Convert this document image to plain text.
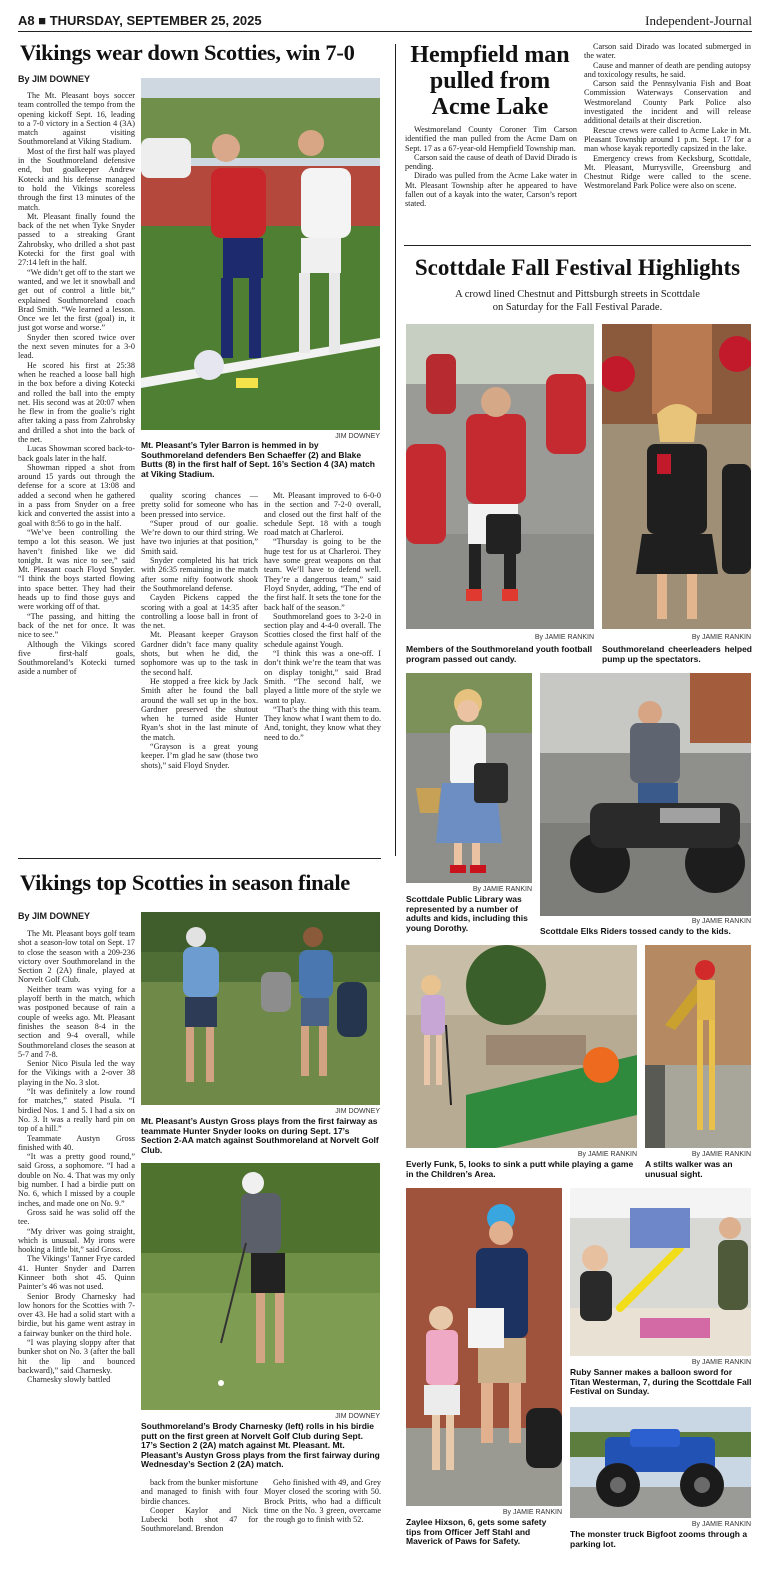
A8 ■ THURSDAY, SEPTEMBER 25, 2025	Independent-Journal
Vikings wear down Scotties, win 7-0
By JIM DOWNEY

The Mt. Pleasant boys soccer team controlled the tempo from the opening kickoff Sept. 16, leading to a 7-0 victory in a Section 4 (3A) match against visiting Southmoreland at Viking Stadium.

Most of the first half was played in the Southmoreland defensive end, but goalkeeper Andrew Kotecki and his defense managed to hold the Vikings scoreless through the first 13 minutes of the match.

Mt. Pleasant finally found the back of the net when Tyke Snyder passed to a streaking Grant Zahrobsky, who drilled a shot past Kotecki for the first goal with 27:14 left in the half.

“We didn’t get off to the start we wanted, and we let it snowball and get out of control a little bit,” explained Southmoreland coach Brad Smith. “We learned a lesson. Once we let the first (goal) in, it just got worse and worse.”

Snyder then scored twice over the next seven minutes for a 3-0 lead.

He scored his first at 25:38 when he reached a loose ball high in the box before a diving Kotecki and rolled the ball into the empty net. His second was at 20:07 when he flew in from the goalie’s right after taking a pass from Zahrobsky and drilled a shot into the back of the net.

Lucas Showman scored back-to-back goals later in the half.

Showman ripped a shot from around 15 yards out through the defense for a score at 13:08 and added a second when he gathered in a pass from Snyder on a free kick and converted the assist into a goal with 8:56 to go in the half.

“We’ve been controlling the tempo a lot this season. We just haven’t finished like we did tonight. It was nice to see,” said Mt. Pleasant coach Floyd Snyder. “I think the boys started flowing into space better. They had their heads up to find those guys and were working off of that.

“The passing, and hitting the back of the net for once. It was nice to see.”

Although the Vikings scored five first-half goals, Southmoreland’s Kotecki turned aside a number of

JIM DOWNEY
Mt. Pleasant’s Tyler Barron is hemmed in by Southmoreland defenders Ben Schaeffer (2) and Blake Butts (8) in the first half of Sept. 16’s Section 4 (3A) match at Viking Stadium.

quality scoring chances — pretty solid for someone who has been pressed into service.

“Super proud of our goalie. We’re down to our third string. We have two injuries at that position,” Smith said.

Snyder completed his hat trick with 26:35 remaining in the match after some nifty footwork shook the Southmoreland defense.

Cayden Pickens capped the scoring with a goal at 14:35 after controlling a loose ball in front of the net.

Mt. Pleasant keeper Grayson Gardner didn’t face many quality shots, but when he did, the sophomore was up to the task in the second half.

He stopped a free kick by Jack Smith after he found the ball around the wall set up in the box. Gardner preserved the shutout when he turned aside Hunter Ryan’s shot in the last minute of the match.

“Grayson is a great young keeper. I’m glad he saw (those two shots),” said Floyd Snyder.

Mt. Pleasant improved to 6-0-0 in the section and 7-2-0 overall, and closed out the first half of the schedule Sept. 18 with a tough road match at Charleroi.

“Thursday is going to be the huge test for us at Charleroi. They have some great weapons on that team. We’ll have to defend well. They’re a dangerous team,” said Floyd Snyder, adding, “The end of the first half. It sets the tone for the back half of the season.”

Southmoreland goes to 3-2-0 in section play and 4-4-0 overall. The Scotties closed the first half of the schedule against Yough.

“I think this was a one-off. I don’t think we’re the team that was on display tonight,” said Brad Smith. “The second half, we played a little more of the style we want to play.

“That’s the thing with this team. They know what I want them to do. And, tonight, they know what they need to do.”

Vikings top Scotties in season finale
By JIM DOWNEY

The Mt. Pleasant boys golf team shot a season-low total on Sept. 17 to close the season with a 209-236 victory over Southmoreland in the Section 2 (2A) finale, played at Norvelt Golf Club.

Neither team was vying for a playoff berth in the match, which was postponed because of rain a couple of weeks ago. Mt. Pleasant finishes the season 8-4 in the section and 9-4 overall, while Southmoreland closes the season at 5-7 and 7-8.

Senior Nico Pisula led the way for the Vikings with a 2-over 38 playing in the No. 3 slot.

“It was definitely a low round for matches,” stated Pisula. “I birdied Nos. 1 and 5. I had a six on No. 3. It was a really hard pin on top of a hill.”

Teammate Austyn Gross finished with 40.

“It was a pretty good round,” said Gross, a sophomore. “I had a double on No. 4. That was my only big number. I had a birdie putt on No. 6, which I missed by a couple inches, and made one on No. 9.”

Gross said he was solid off the tee.

“My driver was going straight, which is unusual. My irons were hooking a little bit,” said Gross.

The Vikings’ Tanner Frye carded 41. Hunter Snyder and Darren Kinneer both shot 45. Quinn Painter’s 46 was not used.

Senior Brody Charnesky had low honors for the Scotties with 7-over 43. He had a solid start with a birdie, but his game went astray in a fairway bunker on the third hole.

“I was playing sloppy after that bunker shot on No. 3 (after the ball hit the lip and bounced backward),” said Charnesky.

Charnesky slowly battled

JIM DOWNEY
Mt. Pleasant’s Austyn Gross plays from the first fairway as teammate Hunter Snyder looks on during Sept. 17’s Section 2-AA match against Southmoreland at Norvelt Golf Club.
JIM DOWNEY
Southmoreland’s Brody Charnesky (left) rolls in his birdie putt on the first green at Norvelt Golf Club during Sept. 17’s Section 2 (2A) match against Mt. Pleasant. Mt. Pleasant’s Austyn Gross plays from the first fairway during Wednesday’s Section 2 (2A) match.

back from the bunker misfortune and managed to finish with four birdie chances.

Cooper Kaylor and Nick Lubecki both shot 47 for Southmoreland. Brendon

Geho finished with 49, and Grey Moyer closed the scoring with 50. Brock Pritts, who had a difficult time on the No. 3 green, overcame the rough go to finish with 52.

Hempfield man pulled from Acme Lake

Westmoreland County Coroner Tim Carson identified the man pulled from the Acme Dam on Sept. 17 as a 67-year-old Hempfield Township man.

Carson said the cause of death of David Dirado is pending.

Dirado was pulled from the Acme Lake water in Mt. Pleasant Township after he appeared to have fallen out of a kayak into the water, Carson’s report stated.

Carson said Dirado was located submerged in the water.

Cause and manner of death are pending autopsy and toxicology results, he said.

Carson said the Pennsylvania Fish and Boat Commission Waterways Conservation and Westmoreland County Park Police also investigated the incident and will release additional details at their discretion.

Rescue crews were called to Acme Lake in Mt. Pleasant Township around 1 p.m. Sept. 17 for a man whose kayak reportedly capsized in the lake.

Emergency crews from Kecksburg, Scottdale, Mt. Pleasant, Murrysville, Greensburg and Chestnut Ridge were called to the scene. Westmoreland Park Police were also on scene.

Scottdale Fall Festival Highlights
A crowd lined Chestnut and Pittsburgh streets in Scottdale on Saturday for the Fall Festival Parade.
By JAMIE RANKIN
Members of the Southmoreland youth football program passed out candy.
By JAMIE RANKIN
Southmoreland cheerleaders helped pump up the spectators.
By JAMIE RANKIN
Scottdale Public Library was represented by a number of adults and kids, including this young Dorothy.
By JAMIE RANKIN
Scottdale Elks Riders tossed candy to the kids.
By JAMIE RANKIN
Everly Funk, 5, looks to sink a putt while playing a game in the Children’s Area.
By JAMIE RANKIN
A stilts walker was an unusual sight.
By JAMIE RANKIN
Zaylee Hixson, 6, gets some safety tips from Officer Jeff Stahl and Maverick of Paws for Safety.
By JAMIE RANKIN
Ruby Sanner makes a balloon sword for Titan Westerman, 7, during the Scottdale Fall Festival on Sunday.
By JAMIE RANKIN
The monster truck Bigfoot zooms through a parking lot.
